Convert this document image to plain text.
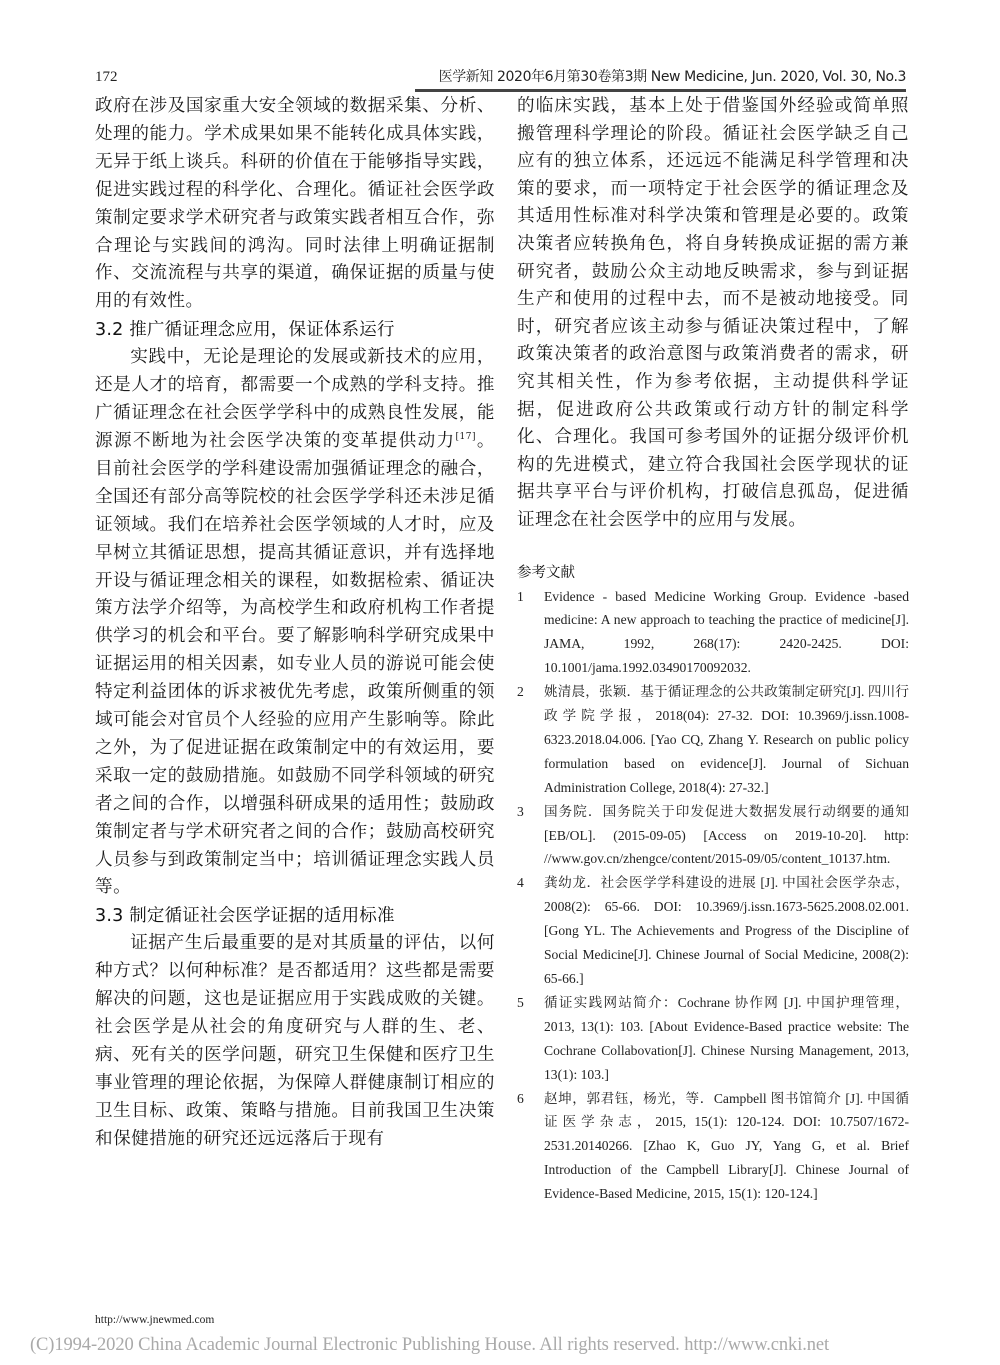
172	医学新知 2020年6月第30卷第3期 New Medicine, Jun. 2020, Vol. 30, No.3

政府在涉及国家重大安全领域的数据采集、分析、处理的能力。学术成果如果不能转化成具体实践，无异于纸上谈兵。科研的价值在于能够指导实践，促进实践过程的科学化、合理化。循证社会医学政策制定要求学术研究者与政策实践者相互合作，弥合理论与实践间的鸿沟。同时法律上明确证据制作、交流流程与共享的渠道，确保证据的质量与使用的有效性。

3.2 推广循证理念应用，保证体系运行

实践中，无论是理论的发展或新技术的应用，还是人才的培育，都需要一个成熟的学科支持。推广循证理念在社会医学学科中的成熟良性发展，能源源不断地为社会医学决策的变革提供动力[17]。目前社会医学的学科建设需加强循证理念的融合，全国还有部分高等院校的社会医学学科还未涉足循证领域。我们在培养社会医学领域的人才时，应及早树立其循证思想，提高其循证意识，并有选择地开设与循证理念相关的课程，如数据检索、循证决策方法学介绍等，为高校学生和政府机构工作者提供学习的机会和平台。要了解影响科学研究成果中证据运用的相关因素，如专业人员的游说可能会使特定利益团体的诉求被优先考虑，政策所侧重的领域可能会对官员个人经验的应用产生影响等。除此之外，为了促进证据在政策制定中的有效运用，要采取一定的鼓励措施。如鼓励不同学科领域的研究者之间的合作，以增强科研成果的适用性；鼓励政策制定者与学术研究者之间的合作；鼓励高校研究人员参与到政策制定当中；培训循证理念实践人员等。

3.3 制定循证社会医学证据的适用标准

证据产生后最重要的是对其质量的评估，以何种方式？以何种标准？是否都适用？这些都是需要解决的问题，这也是证据应用于实践成败的关键。社会医学是从社会的角度研究与人群的生、老、病、死有关的医学问题，研究卫生保健和医疗卫生事业管理的理论依据，为保障人群健康制订相应的卫生目标、政策、策略与措施。目前我国卫生决策和保健措施的研究还远远落后于现有

的临床实践，基本上处于借鉴国外经验或简单照搬管理科学理论的阶段。循证社会医学缺乏自己应有的独立体系，还远远不能满足科学管理和决策的要求，而一项特定于社会医学的循证理念及其适用性标准对科学决策和管理是必要的。政策决策者应转换角色，将自身转换成证据的需方兼研究者，鼓励公众主动地反映需求，参与到证据生产和使用的过程中去，而不是被动地接受。同时，研究者应该主动参与循证决策过程中，了解政策决策者的政治意图与政策消费者的需求，研究其相关性，作为参考依据，主动提供科学证据，促进政府公共政策或行动方针的制定科学化、合理化。我国可参考国外的证据分级评价机构的先进模式，建立符合我国社会医学现状的证据共享平台与评价机构，打破信息孤岛，促进循证理念在社会医学中的应用与发展。

参考文献
1 Evidence - based Medicine Working Group. Evidence -based medicine: A new approach to teaching the practice of medicine[J]. JAMA, 1992, 268(17): 2420-2425. DOI: 10.1001/jama.1992.03490170092032.
2 姚清晨，张颖．基于循证理念的公共政策制定研究[J]. 四川行政学院学报，2018(04): 27-32. DOI: 10.3969/j.issn.1008-6323.2018.04.006. [Yao CQ, Zhang Y. Research on public policy formulation based on evidence[J]. Journal of Sichuan Administration College, 2018(4): 27-32.]
3 国务院．国务院关于印发促进大数据发展行动纲要的通知 [EB/OL]. (2015-09-05) [Access on 2019-10-20]. http: //www.gov.cn/zhengce/content/2015-09/05/content_10137.htm.
4 龚幼龙．社会医学学科建设的进展 [J]. 中国社会医学杂志，2008(2): 65-66. DOI: 10.3969/j.issn.1673-5625.2008.02.001. [Gong YL. The Achievements and Progress of the Discipline of Social Medicine[J]. Chinese Journal of Social Medicine, 2008(2): 65-66.]
5 循证实践网站简介：Cochrane 协作网 [J]. 中国护理管理，2013, 13(1): 103. [About Evidence-Based practice website: The Cochrane Collabovation[J]. Chinese Nursing Management, 2013, 13(1): 103.]
6 赵坤，郭君钰，杨光，等．Campbell 图书馆简介 [J]. 中国循证医学杂志，2015, 15(1): 120-124. DOI: 10.7507/1672-2531.20140266. [Zhao K, Guo JY, Yang G, et al. Brief Introduction of the Campbell Library[J]. Chinese Journal of Evidence-Based Medicine, 2015, 15(1): 120-124.]
http://www.jnewmed.com
(C)1994-2020 China Academic Journal Electronic Publishing House. All rights reserved. http://www.cnki.net
